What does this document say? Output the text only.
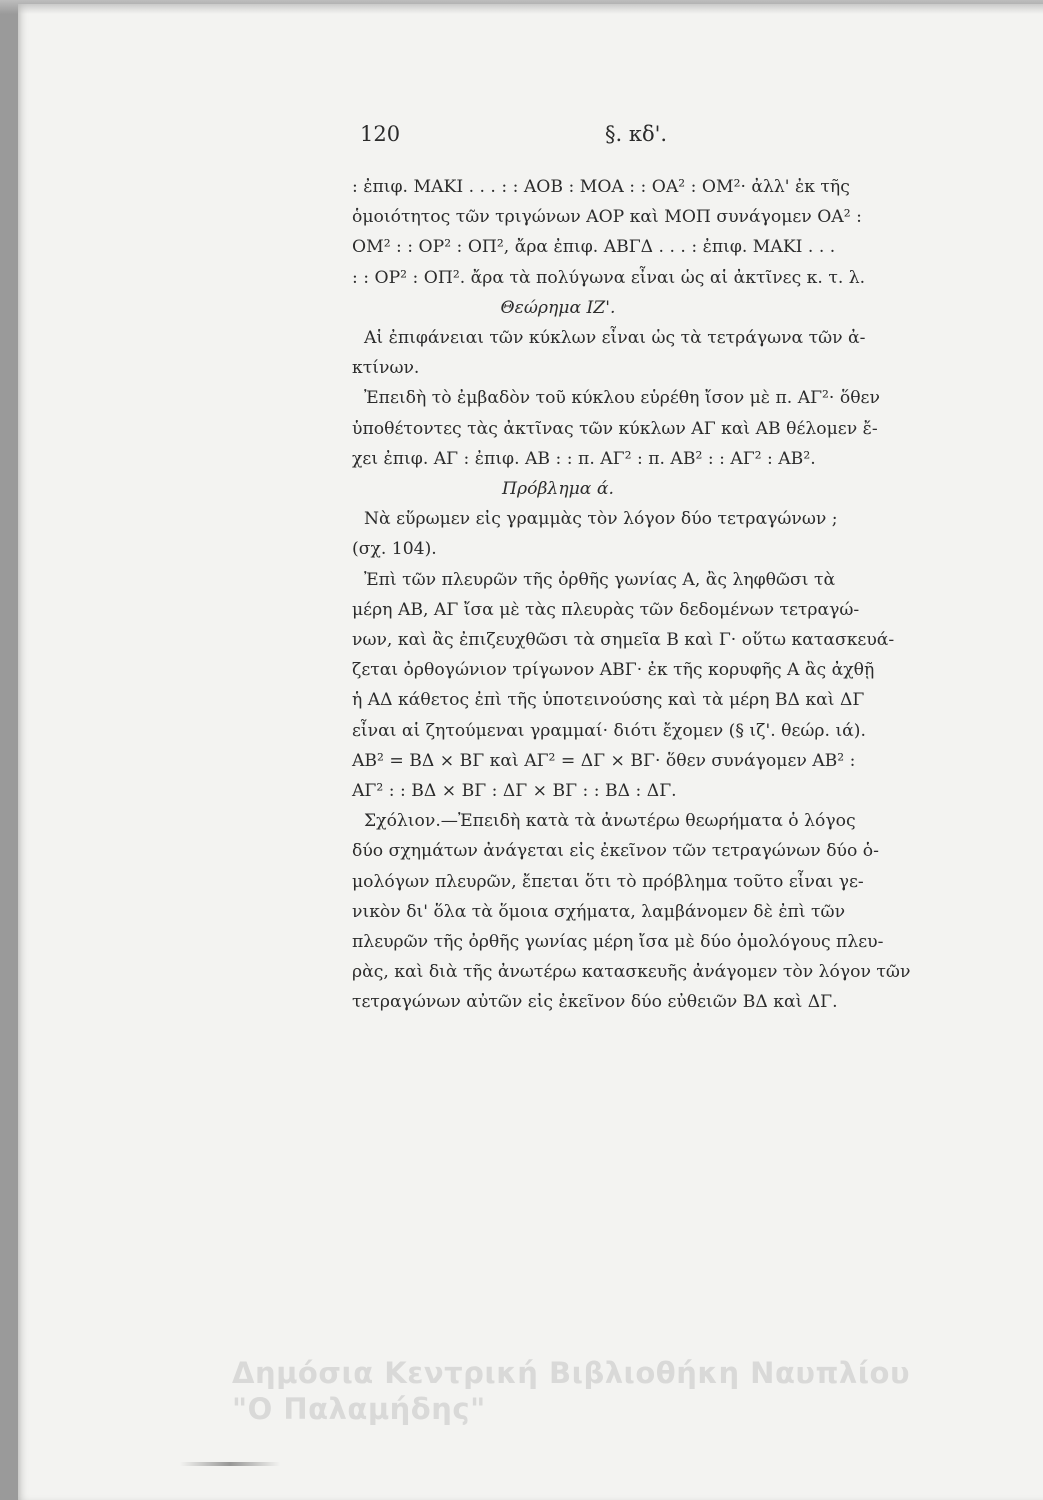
120	§. κδ'.
: ἐπιφ. ΜΑΚΙ . . . : : ΑΟΒ : ΜΟΑ : : ΟΑ² : ΟΜ²· ἀλλ' ἐκ τῆς
ὁμοιότητος τῶν τριγώνων ΑΟΡ καὶ ΜΟΠ συνάγομεν ΟΑ² :
ΟΜ² : : ΟΡ² : ΟΠ², ἄρα ἐπιφ. ΑΒΓΔ . . . : ἐπιφ. ΜΑΚΙ . . .
: : ΟΡ² : ΟΠ². ἄρα τὰ πολύγωνα εἶναι ὡς αἱ ἀκτῖνες κ. τ. λ.
Θεώρημα ΙΖ'.
Αἱ ἐπιφάνειαι τῶν κύκλων εἶναι ὡς τὰ τετράγωνα τῶν ἀ-
κτίνων.
Ἐπειδὴ τὸ ἐμβαδὸν τοῦ κύκλου εὑρέθη ἴσον μὲ π. ΑΓ²· ὅθεν
ὑποθέτοντες τὰς ἀκτῖνας τῶν κύκλων ΑΓ καὶ ΑΒ θέλομεν ἔ-
χει ἐπιφ. ΑΓ : ἐπιφ. ΑΒ : : π. ΑΓ² : π. ΑΒ² : : ΑΓ² : ΑΒ².
Πρόβλημα ά.
Νὰ εὕρωμεν εἰς γραμμὰς τὸν λόγον δύο τετραγώνων ;
(σχ. 104).
Ἐπὶ τῶν πλευρῶν τῆς ὀρθῆς γωνίας Α, ἂς ληφθῶσι τὰ
μέρη ΑΒ, ΑΓ ἴσα μὲ τὰς πλευρὰς τῶν δεδομένων τετραγώ-
νων, καὶ ἂς ἐπιζευχθῶσι τὰ σημεῖα Β καὶ Γ· οὕτω κατασκευά-
ζεται ὀρθογώνιον τρίγωνον ΑΒΓ· ἐκ τῆς κορυφῆς Α ἂς ἀχθῇ
ἡ ΑΔ κάθετος ἐπὶ τῆς ὑποτεινούσης καὶ τὰ μέρη ΒΔ καὶ ΔΓ
εἶναι αἱ ζητούμεναι γραμμαί· διότι ἔχομεν (§ ιζ'. θεώρ. ιά).
ΑΒ² = ΒΔ × ΒΓ καὶ ΑΓ² = ΔΓ × ΒΓ· ὅθεν συνάγομεν ΑΒ² :
ΑΓ² : : ΒΔ × ΒΓ : ΔΓ × ΒΓ : : ΒΔ : ΔΓ.
Σχόλιον.—Ἐπειδὴ κατὰ τὰ ἀνωτέρω θεωρήματα ὁ λόγος
δύο σχημάτων ἀνάγεται εἰς ἐκεῖνον τῶν τετραγώνων δύο ὁ-
μολόγων πλευρῶν, ἔπεται ὅτι τὸ πρόβλημα τοῦτο εἶναι γε-
νικὸν δι' ὅλα τὰ ὅμοια σχήματα, λαμβάνομεν δὲ ἐπὶ τῶν
πλευρῶν τῆς ὀρθῆς γωνίας μέρη ἴσα μὲ δύο ὁμολόγους πλευ-
ρὰς, καὶ διὰ τῆς ἀνωτέρω κατασκευῆς ἀνάγομεν τὸν λόγον τῶν
τετραγώνων αὐτῶν εἰς ἐκεῖνον δύο εὐθειῶν ΒΔ καὶ ΔΓ.
Δημόσια Κεντρική Βιβλιοθήκη Ναυπλίου
"Ο Παλαμήδης"
